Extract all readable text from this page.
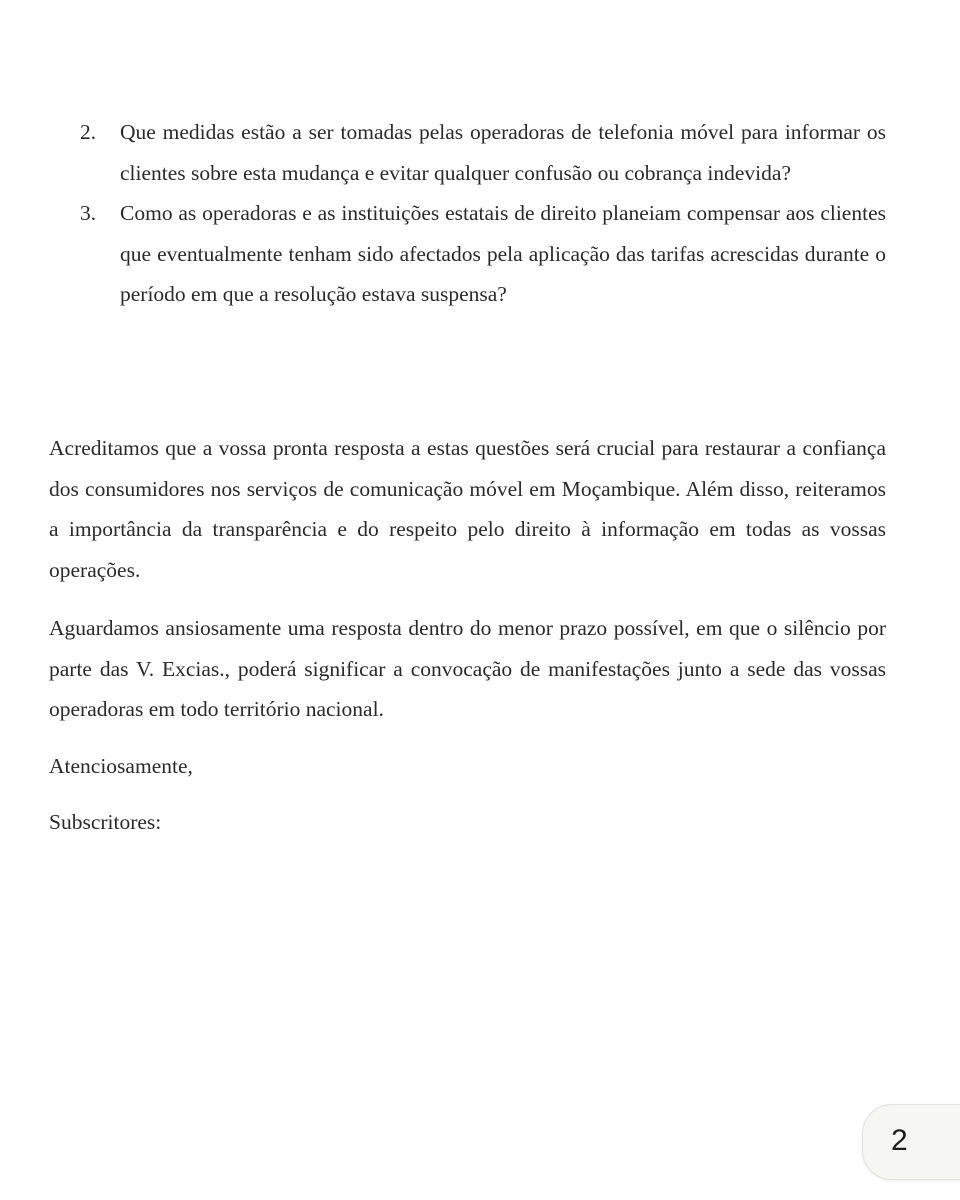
2. Que medidas estão a ser tomadas pelas operadoras de telefonia móvel para informar os clientes sobre esta mudança e evitar qualquer confusão ou cobrança indevida?
3. Como as operadoras e as instituições estatais de direito planeiam compensar aos clientes que eventualmente tenham sido afectados pela aplicação das tarifas acrescidas durante o período em que a resolução estava suspensa?

Acreditamos que a vossa pronta resposta a estas questões será crucial para restaurar a confiança dos consumidores nos serviços de comunicação móvel em Moçambique. Além disso, reiteramos a importância da transparência e do respeito pelo direito à informação em todas as vossas operações.

Aguardamos ansiosamente uma resposta dentro do menor prazo possível, em que o silêncio por parte das V. Excias., poderá significar a convocação de manifestações junto a sede das vossas operadoras em todo território nacional.

Atenciosamente,

Subscritores:

2
